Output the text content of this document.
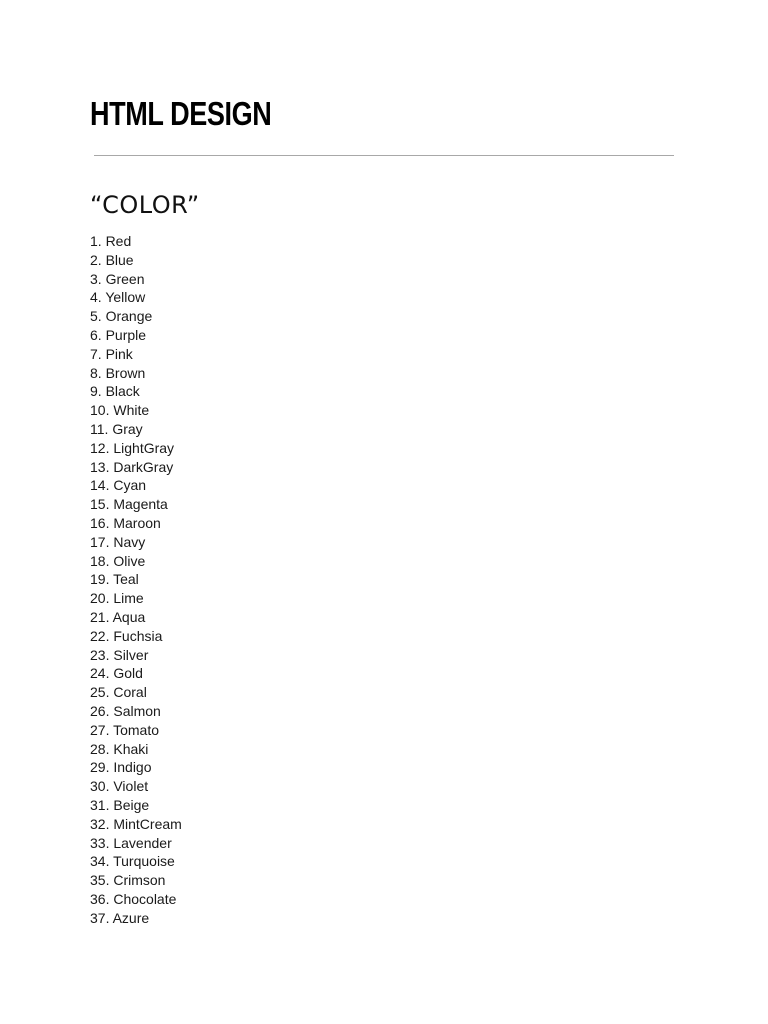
HTML DESIGN
“COLOR”
1. Red
2. Blue
3. Green
4. Yellow
5. Orange
6. Purple
7. Pink
8. Brown
9. Black
10. White
11. Gray
12. LightGray
13. DarkGray
14. Cyan
15. Magenta
16. Maroon
17. Navy
18. Olive
19. Teal
20. Lime
21. Aqua
22. Fuchsia
23. Silver
24. Gold
25. Coral
26. Salmon
27. Tomato
28. Khaki
29. Indigo
30. Violet
31. Beige
32. MintCream
33. Lavender
34. Turquoise
35. Crimson
36. Chocolate
37. Azure
